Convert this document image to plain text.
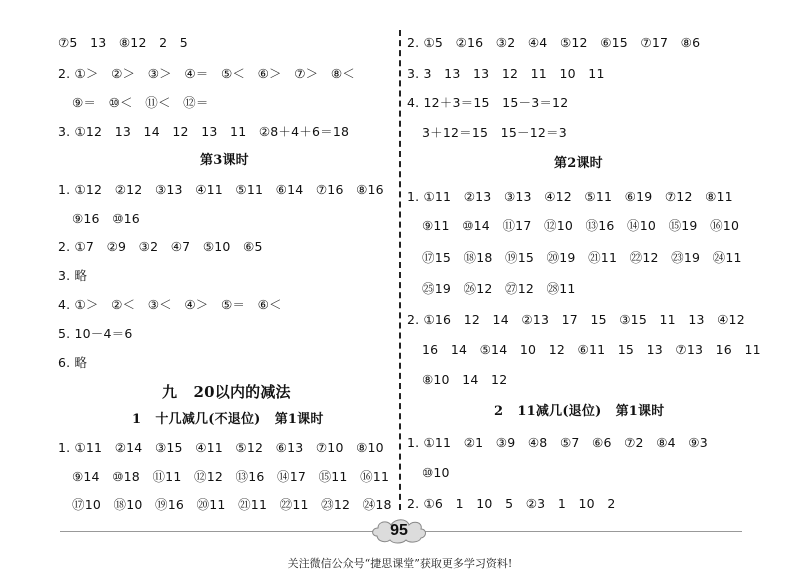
⑦5   13   ⑧12   2   5
2. ①＞   ②＞   ③＞   ④＝   ⑤＜   ⑥＞   ⑦＞   ⑧＜
⑨＝   ⑩＜   ⑪＜   ⑫＝
3. ①12   13   14   12   13   11   ②8＋4＋6＝18
第3课时
1. ①12   ②12   ③13   ④11   ⑤11   ⑥14   ⑦16   ⑧16
⑨16   ⑩16
2. ①7   ②9   ③2   ④7   ⑤10   ⑥5
3. 略
4. ①＞   ②＜   ③＜   ④＞   ⑤＝   ⑥＜
5. 10－4＝6
6. 略
九   20以内的减法
1   十几减几(不退位)   第1课时
1. ①11   ②14   ③15   ④11   ⑤12   ⑥13   ⑦10   ⑧10
⑨14   ⑩18   ⑪11   ⑫12   ⑬16   ⑭17   ⑮11   ⑯11
⑰10   ⑱10   ⑲16   ⑳11   ㉑11   ㉒11   ㉓12   ㉔18
2. ①5   ②16   ③2   ④4   ⑤12   ⑥15   ⑦17   ⑧6
3. 3   13   13   12   11   10   11
4. 12＋3＝15   15－3＝12
3＋12＝15   15－12＝3
第2课时
1. ①11   ②13   ③13   ④12   ⑤11   ⑥19   ⑦12   ⑧11
⑨11   ⑩14   ⑪17   ⑫10   ⑬16   ⑭10   ⑮19   ⑯10
⑰15   ⑱18   ⑲15   ⑳19   ㉑11   ㉒12   ㉓19   ㉔11
㉕19   ㉖12   ㉗12   ㉘11
2. ①16   12   14   ②13   17   15   ③15   11   13   ④12
16   14   ⑤14   10   12   ⑥11   15   13   ⑦13   16   11
⑧10   14   12
2   11减几(退位)   第1课时
1. ①11   ②1   ③9   ④8   ⑤7   ⑥6   ⑦2   ⑧4   ⑨3
⑩10
2. ①6   1   10   5   ②3   1   10   2
95
关注微信公众号“捷思课堂”获取更多学习资料!
